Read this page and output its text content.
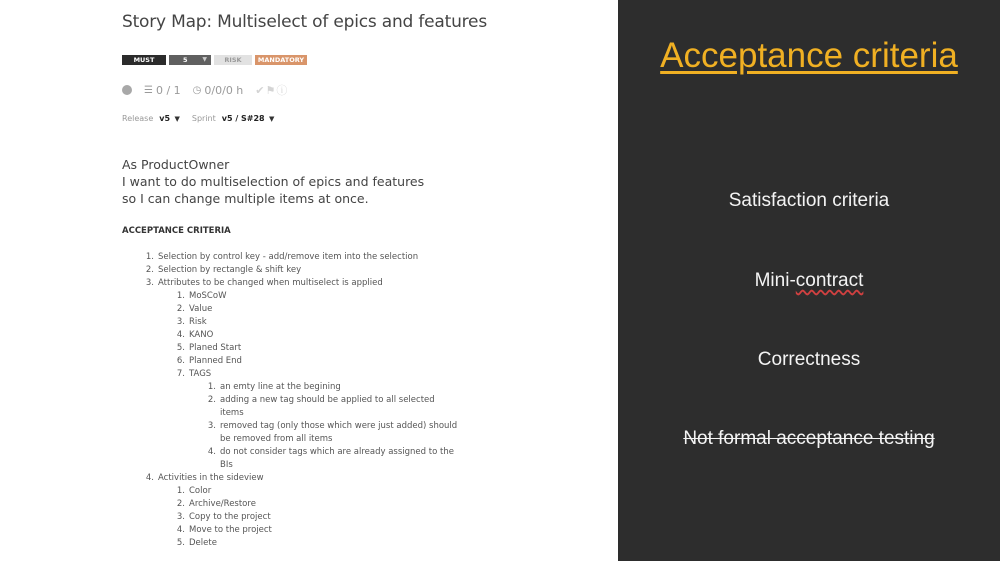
Story Map: Multiselect of epics and features
MUST	5 ▼	RISK	MANDATORY
☰ 0 / 1 ◷ 0/0/0 h ✔⚑ⓘ
Release v5 ▼ Sprint v5 / S#28 ▼
As ProductOwner
I want to do multiselection of epics and features
so I can change multiple items at once.
ACCEPTANCE CRITERIA
1. Selection by control key - add/remove item into the selection
2. Selection by rectangle & shift key
3. Attributes to be changed when multiselect is applied
1. MoSCoW
2. Value
3. Risk
4. KANO
5. Planed Start
6. Planned End
7. TAGS
1. an emty line at the begining
2. adding a new tag should be applied to all selected
items
3. removed tag (only those which were just added) should
be removed from all items
4. do not consider tags which are already assigned to the
BIs
4. Activities in the sideview
1. Color
2. Archive/Restore
3. Copy to the project
4. Move to the project
5. Delete
Acceptance criteria
Satisfaction criteria
Mini-contract
Correctness
Not formal acceptance testing
